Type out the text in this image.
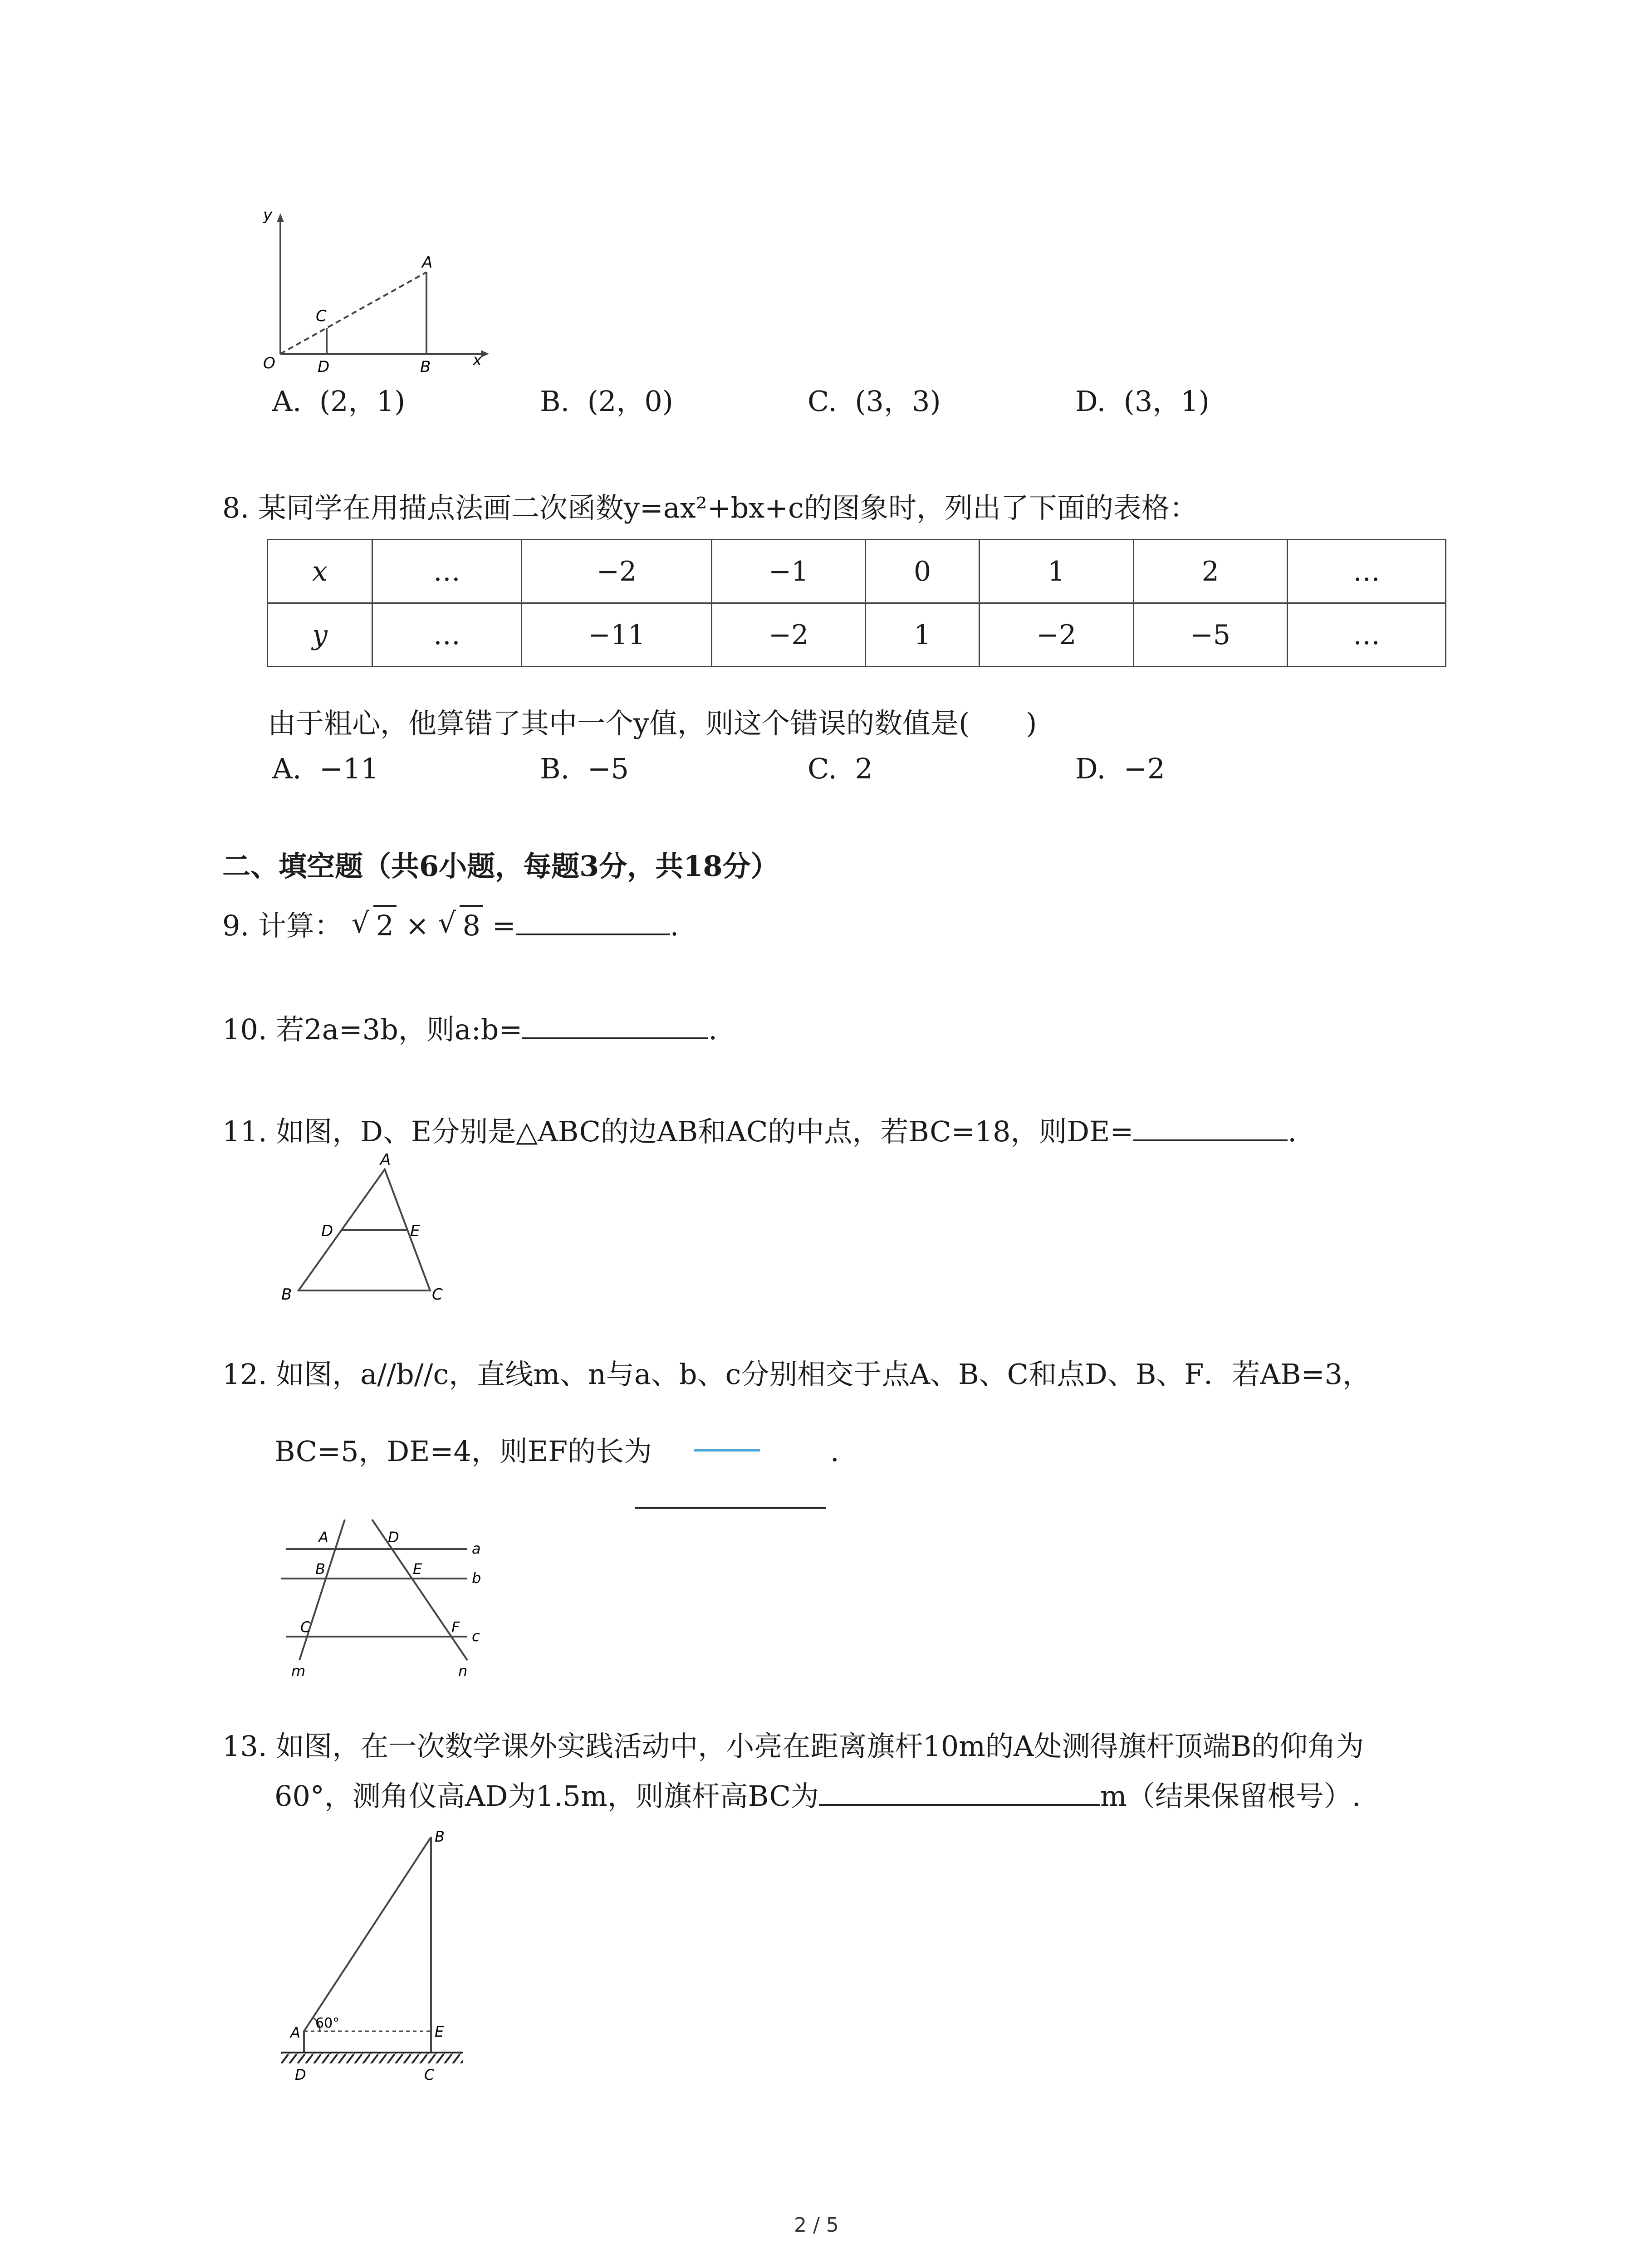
y
x
O
A
B
C
D
A. (2，1)	B. (2，0)	C. (3，3)	D. (3，1)
8. 某同学在用描点法画二次函数y=ax²+bx+c的图象时，列出了下面的表格：
x	…	−2	−1	0	1	2	…
y	…	−11	−2	1	−2	−5	…
由于粗心，他算错了其中一个y值，则这个错误的数值是(　　)
A. −11	B. −5	C. 2	D. −2
二、填空题（共6小题，每题3分，共18分）
9. 计算： √ 2 × √ 8 =	.
10. 若2a=3b，则a:b=	.
11. 如图，D、E分别是△ABC的边AB和AC的中点，若BC=18，则DE=	.
A
D	E
B	C
12. 如图，a//b//c，直线m、n与a、b、c分别相交于点A、B、C和点D、B、F．若AB=3，
BC=5，DE=4，则EF的长为	.
A	D
B	E
C	F
a
b
c
m	n
13. 如图，在一次数学课外实践活动中，小亮在距离旗杆10m的A处测得旗杆顶端B的仰角为
60°，测角仪高AD为1.5m，则旗杆高BC为	m（结果保留根号）.
B
A
60°	E
D	C
2 / 5
